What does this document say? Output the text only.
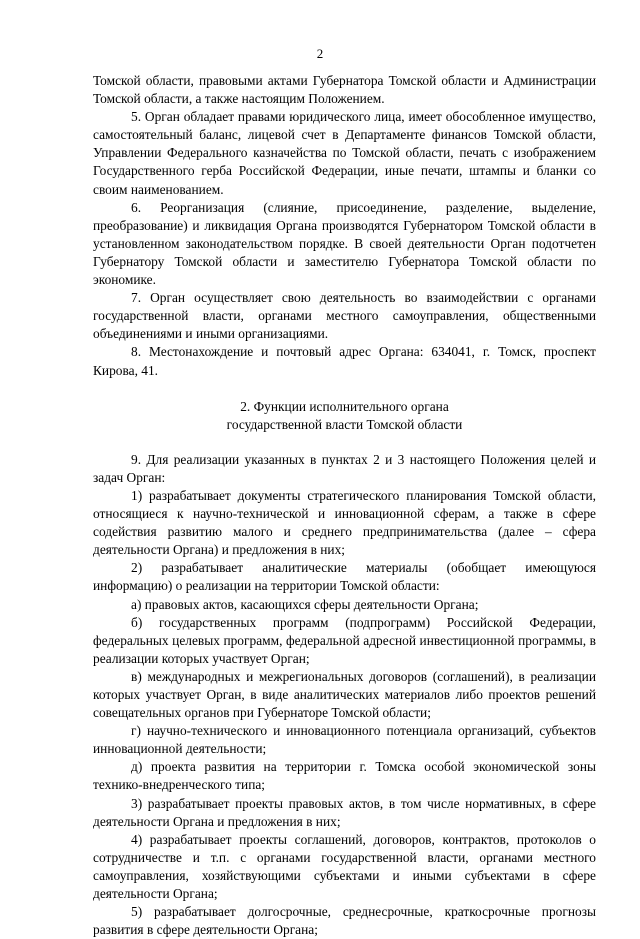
2

Томской области, правовыми актами Губернатора Томской области и Администрации Томской области, а также настоящим Положением.

5. Орган обладает правами юридического лица, имеет обособленное имущество, самостоятельный баланс, лицевой счет в Департаменте финансов Томской области, Управлении Федерального казначейства по Томской области, печать с изображением Государственного герба Российской Федерации, иные печати, штампы и бланки со своим наименованием.

6. Реорганизация (слияние, присоединение, разделение, выделение, преобразование) и ликвидация Органа производятся Губернатором Томской области в установленном законодательством порядке. В своей деятельности Орган подотчетен Губернатору Томской области и заместителю Губернатора Томской области по экономике.

7. Орган осуществляет свою деятельность во взаимодействии с органами государственной власти, органами местного самоуправления, общественными объединениями и иными организациями.

8. Местонахождение и почтовый адрес Органа: 634041, г. Томск, проспект Кирова, 41.

2. Функции исполнительного органа
государственной власти Томской области

9. Для реализации указанных в пунктах 2 и 3 настоящего Положения целей и задач Орган:

1) разрабатывает документы стратегического планирования Томской области, относящиеся к научно-технической и инновационной сферам, а также в сфере содействия развитию малого и среднего предпринимательства (далее – сфера деятельности Органа) и предложения в них;

2) разрабатывает аналитические материалы (обобщает имеющуюся информацию) о реализации на территории Томской области:

а) правовых актов, касающихся сферы деятельности Органа;

б) государственных программ (подпрограмм) Российской Федерации, федеральных целевых программ, федеральной адресной инвестиционной программы, в реализации которых участвует Орган;

в) международных и межрегиональных договоров (соглашений), в реализации которых участвует Орган, в виде аналитических материалов либо проектов решений совещательных органов при Губернаторе Томской области;

г) научно-технического и инновационного потенциала организаций, субъектов инновационной деятельности;

д) проекта развития на территории г. Томска особой экономической зоны технико-внедренческого типа;

3) разрабатывает проекты правовых актов, в том числе нормативных, в сфере деятельности Органа и предложения в них;

4) разрабатывает проекты соглашений, договоров, контрактов, протоколов о сотрудничестве и т.п. с органами государственной власти, органами местного самоуправления, хозяйствующими субъектами и иными субъектами в сфере деятельности Органа;

5) разрабатывает долгосрочные, среднесрочные, краткосрочные прогнозы развития в сфере деятельности Органа;
